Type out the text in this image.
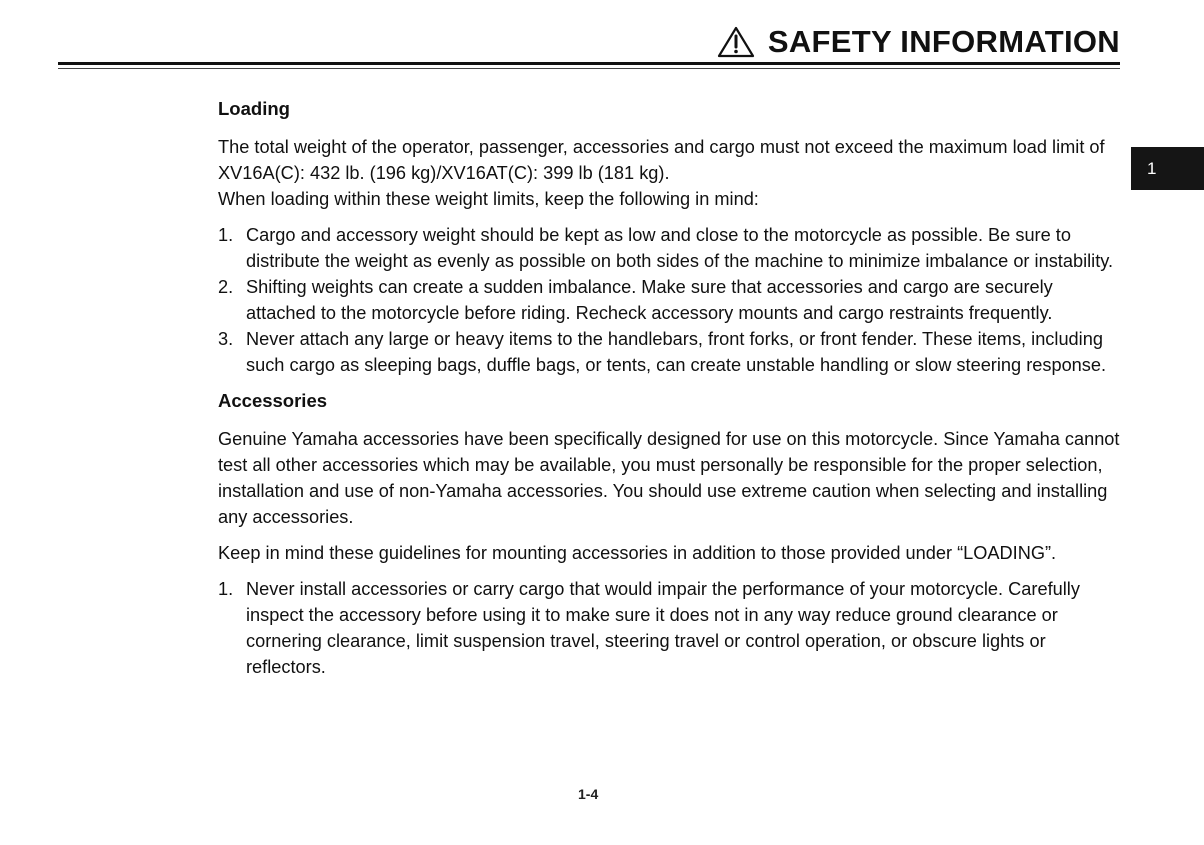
SAFETY INFORMATION
1
Loading

The total weight of the operator, passenger, accessories and cargo must not exceed the maximum load limit of XV16A(C): 432 lb. (196 kg)/XV16AT(C): 399 lb (181 kg).

When loading within these weight limits, keep the following in mind:

1. Cargo and accessory weight should be kept as low and close to the motorcycle as possible. Be sure to distribute the weight as evenly as possible on both sides of the machine to minimize imbalance or instability.
2. Shifting weights can create a sudden imbalance. Make sure that accessories and cargo are securely attached to the motorcycle before riding. Recheck accessory mounts and cargo restraints frequently.
3. Never attach any large or heavy items to the handlebars, front forks, or front fender. These items, including such cargo as sleeping bags, duffle bags, or tents, can create unstable handling or slow steering response.
Accessories

Genuine Yamaha accessories have been specifically designed for use on this motorcycle. Since Yamaha cannot test all other accessories which may be available, you must personally be responsible for the proper selection, installation and use of non-Yamaha accessories. You should use extreme caution when selecting and installing any accessories.

Keep in mind these guidelines for mounting accessories in addition to those provided under “LOADING”.

1. Never install accessories or carry cargo that would impair the performance of your motorcycle. Carefully inspect the accessory before using it to make sure it does not in any way reduce ground clearance or cornering clearance, limit suspension travel, steering travel or control operation, or obscure lights or reflectors.
1-4
